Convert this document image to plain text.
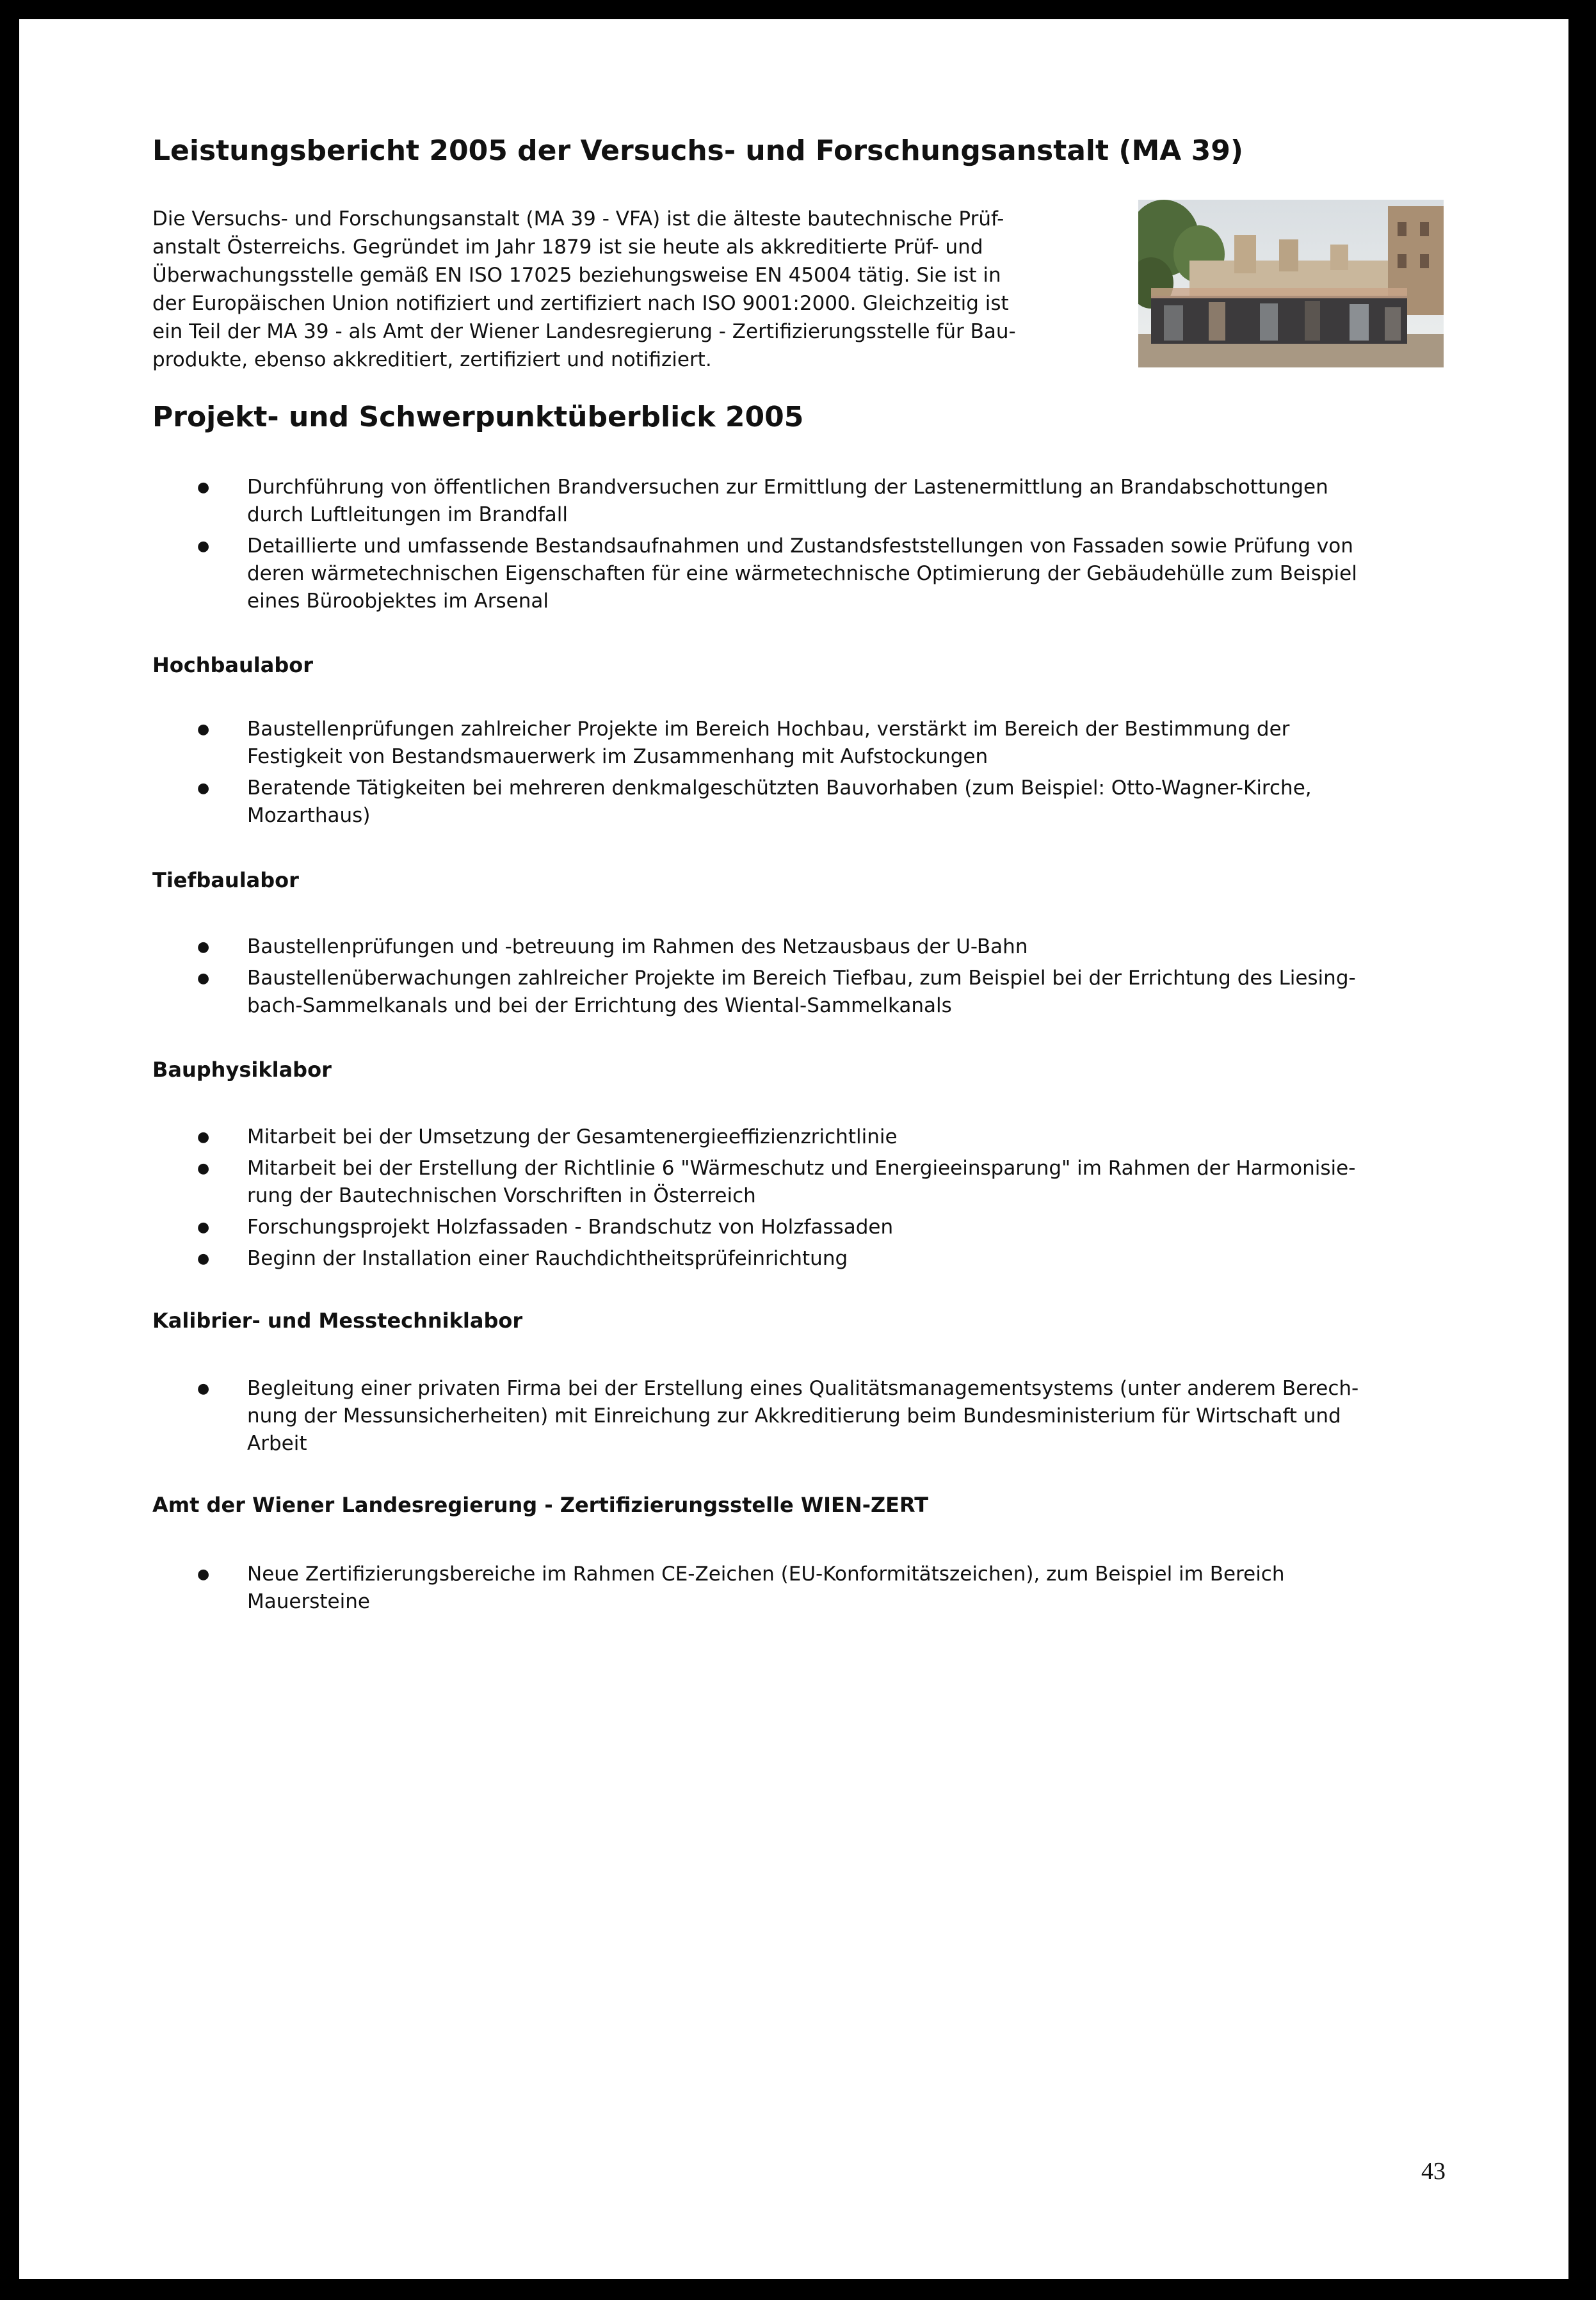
Leistungsbericht 2005 der Versuchs- und Forschungsanstalt (MA 39)

Die Versuchs- und Forschungsanstalt (MA 39 - VFA) ist die älteste bautechnische Prüf-
anstalt Österreichs. Gegründet im Jahr 1879 ist sie heute als akkreditierte Prüf- und
Überwachungsstelle gemäß EN ISO 17025 beziehungsweise EN 45004 tätig. Sie ist in
der Europäischen Union notifiziert und zertifiziert nach ISO 9001:2000. Gleichzeitig ist
ein Teil der MA 39 - als Amt der Wiener Landesregierung - Zertifizierungsstelle für Bau-
produkte, ebenso akkreditiert, zertifiziert und notifiziert.

Projekt- und Schwerpunktüberblick 2005
● Durchführung von öffentlichen Brandversuchen zur Ermittlung der Lastenermittlung an Brandabschottungen
durch Luftleitungen im Brandfall
● Detaillierte und umfassende Bestandsaufnahmen und Zustandsfeststellungen von Fassaden sowie Prüfung von
deren wärmetechnischen Eigenschaften für eine wärmetechnische Optimierung der Gebäudehülle zum Beispiel
eines Büroobjektes im Arsenal
Hochbaulabor
● Baustellenprüfungen zahlreicher Projekte im Bereich Hochbau, verstärkt im Bereich der Bestimmung der
Festigkeit von Bestandsmauerwerk im Zusammenhang mit Aufstockungen
● Beratende Tätigkeiten bei mehreren denkmalgeschützten Bauvorhaben (zum Beispiel: Otto-Wagner-Kirche,
Mozarthaus)
Tiefbaulabor
● Baustellenprüfungen und -betreuung im Rahmen des Netzausbaus der U-Bahn
● Baustellenüberwachungen zahlreicher Projekte im Bereich Tiefbau, zum Beispiel bei der Errichtung des Liesing-
bach-Sammelkanals und bei der Errichtung des Wiental-Sammelkanals
Bauphysiklabor
● Mitarbeit bei der Umsetzung der Gesamtenergieeffizienzrichtlinie
● Mitarbeit bei der Erstellung der Richtlinie 6 "Wärmeschutz und Energieeinsparung" im Rahmen der Harmonisie-
rung der Bautechnischen Vorschriften in Österreich
● Forschungsprojekt Holzfassaden - Brandschutz von Holzfassaden
● Beginn der Installation einer Rauchdichtheitsprüfeinrichtung
Kalibrier- und Messtechniklabor
● Begleitung einer privaten Firma bei der Erstellung eines Qualitätsmanagementsystems (unter anderem Berech-
nung der Messunsicherheiten) mit Einreichung zur Akkreditierung beim Bundesministerium für Wirtschaft und
Arbeit
Amt der Wiener Landesregierung - Zertifizierungsstelle WIEN-ZERT
● Neue Zertifizierungsbereiche im Rahmen CE-Zeichen (EU-Konformitätszeichen), zum Beispiel im Bereich
Mauersteine

43
